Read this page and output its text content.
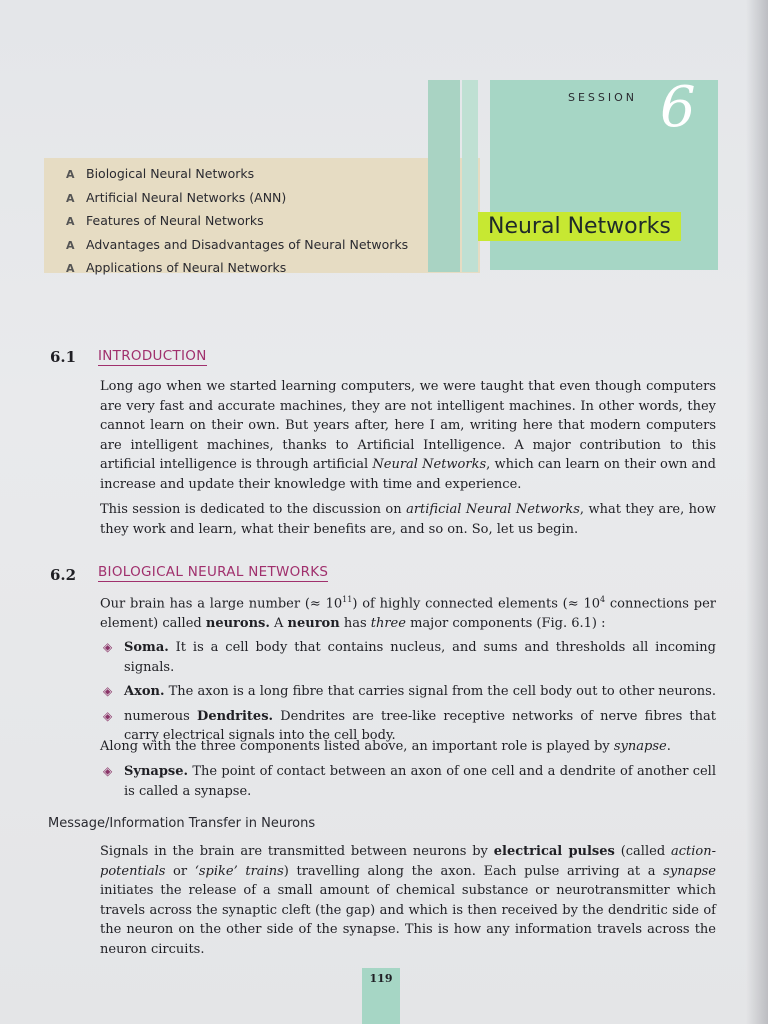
SESSION 6
Neural Networks
A Biological Neural Networks
A Artificial Neural Networks (ANN)
A Features of Neural Networks
A Advantages and Disadvantages of Neural Networks
A Applications of Neural Networks
6.1 INTRODUCTION

Long ago when we started learning computers, we were taught that even though computers are very fast and accurate machines, they are not intelligent machines. In other words, they cannot learn on their own. But years after, here I am, writing here that modern computers are intelligent machines, thanks to Artificial Intelligence. A major contribution to this artificial intelligence is through artificial Neural Networks, which can learn on their own and increase and update their knowledge with time and experience.

This session is dedicated to the discussion on artificial Neural Networks, what they are, how they work and learn, what their benefits are, and so on. So, let us begin.

6.2 BIOLOGICAL NEURAL NETWORKS

Our brain has a large number (≈ $10^{11}$) of highly connected elements (≈ $10^4$ connections per element) called neurons. A neuron has three major components (Fig. 6.1) :

◈ Soma. It is a cell body that contains nucleus, and sums and thresholds all incoming signals.
◈ Axon. The axon is a long fibre that carries signal from the cell body out to other neurons.
◈ numerous Dendrites. Dendrites are tree-like receptive networks of nerve fibres that carry electrical signals into the cell body.

Along with the three components listed above, an important role is played by synapse.

◈ Synapse. The point of contact between an axon of one cell and a dendrite of another cell is called a synapse.
Message/Information Transfer in Neurons

Signals in the brain are transmitted between neurons by electrical pulses (called action-potentials or ‘spike’ trains) travelling along the axon. Each pulse arriving at a synapse initiates the release of a small amount of chemical substance or neurotransmitter which travels across the synaptic cleft (the gap) and which is then received by the dendritic side of the neuron on the other side of the synapse. This is how any information travels across the neuron circuits.

119
